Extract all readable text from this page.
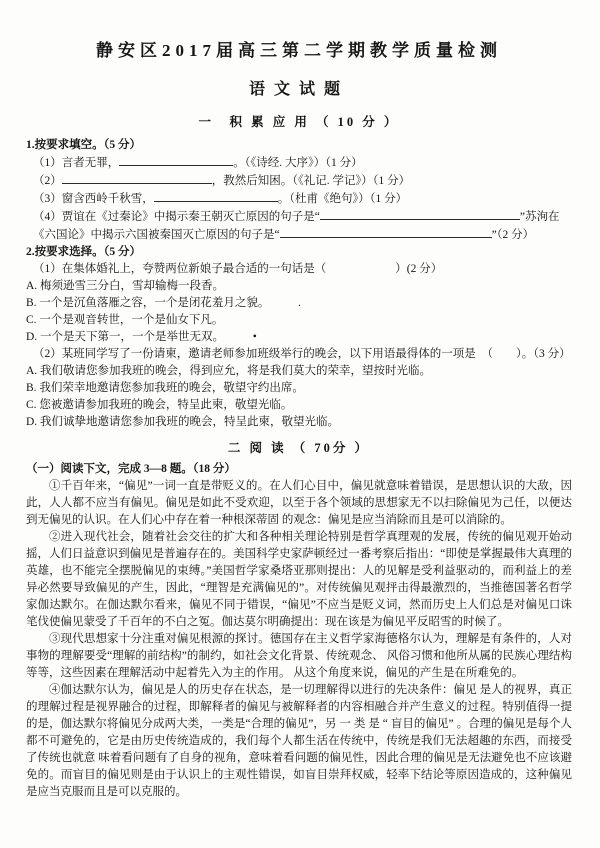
静安区2017届高三第二学期教学质量检测
语文试题
一　积 累 应 用 （ 10 分 ）

1.按要求填空。（5 分）

（1）言者无罪，	。（《诗经. 大序》）（1 分）

（2）	，教然后知困。（《礼记. 学记》）（1 分）

（3）窗含西岭千秋雪，	。（杜甫《绝句》）（1 分）

（4）贾谊在《过秦论》中揭示秦王朝灭亡原因的句子是“	”苏洵在《六国论》中揭示六国被秦国灭亡原因的句子是“	”（2 分）

2.按要求选择。（5 分）

（1）在集体婚礼上，夸赞两位新娘子最合适的一句话是（　　　　　　）(2 分）

A. 梅须逊雪三分白，雪却输梅一段香。

B. 一个是沉鱼落雁之容，一个是闭花羞月之貌。　　　.

C. 一个是观音转世，一个是仙女下凡。

D. 一个是天下第一，一个是举世无双。　　　•

（2）某班同学写了一份请柬，邀请老师参加班级举行的晚会，以下用语最得体的一项是　（　　）。（3 分）

A. 我们敬请您参加我班的晚会，得到应允，将是我们莫大的荣幸，望按时光临。

B. 我们荣幸地邀请您参加我班的晚会，敬望守约出席。

C. 您被邀请参加我班的晚会，特呈此柬，敬望光临。

D. 我们诚挚地邀请您参加我班的晚会，特呈此柬，敬望光临。

二 阅 读 （ 70分 ）

（一）阅读下文，完成 3—8 题。（18 分）

①千百年来，“偏见”一词一直是带贬义的。在人们心目中，偏见就意味着错误，是思想认识的大敌，因此，人人都不应当有偏见。偏见是如此不受欢迎，以至于各个领域的思想家无不以扫除偏见为己任，以便达到无偏见的认识。在人们心中存在着一种根深蒂固 的观念：偏见是应当消除而且是可以消除的。

②进入现代社会，随着社会交往的扩大和各种相关理论特别是哲学真理观的发展，传统的偏见观开始动摇，人们日益意识到偏见是普遍存在的。美国科学史家萨顿经过一番考察后指出：“即使是掌握最伟大真理的英雄，也不能完全摆脱偏见的束缚。”美国哲学家桑塔亚那则提出：人的见解是受利益驱动的，而利益上的差异必然要导致偏见的产生，因此，“理智是充满偏见的”。对传统偏见观抨击得最激烈的，当推德国著名哲学家伽达默尔。在伽达默尔看来，偏见不同于错误，“偏见”不应当是贬义词，然而历史上人们总是对偏见口诛笔伐使偏见蒙受了千百年的不白之冤。伽达莫尔明确提出：现在该是为偏见平反昭雪的时候了。

③现代思想家十分注重对偏见根源的探讨。德国存在主义哲学家海德格尔认为，理解是有条件的，人对事物的理解要受“理解的前结构”的制约，如社会文化背景、传统观念、 风俗习惯和他所从属的民族心理结构等等，这些因素在理解活动中起着先入为主的作用。 从这个角度来说，偏见的产生是在所难免的。

④伽达默尔认为，偏见是人的历史存在状态，是一切理解得以进行的先决条件：偏见 是人的视界，真正的理解过程是视界融合的过程，即解释者的偏见与被解释者的内容相融合并产生意义的过程。特别值得一提的是，伽达默尔将偏见分成两大类，一类是“合理的偏见”，另 一 类 是 “ 盲目的偏见” 。合理的偏见是每个人都不可避免的，它是由历史传统造成的，我们每个人都生活在传统中，传统是我们无法超趣的东西，而接受了传统也就意 味着看问题有了自身的视角，意味着看问题的偏见性，因此合理的偏见是无法避免也不应该避免的。而盲目的偏见则是由于认识上的主观性错误，如盲目崇拜权威，轻率下结论等原因造成的，这种偏见是应当克服而且是可以克服的。
